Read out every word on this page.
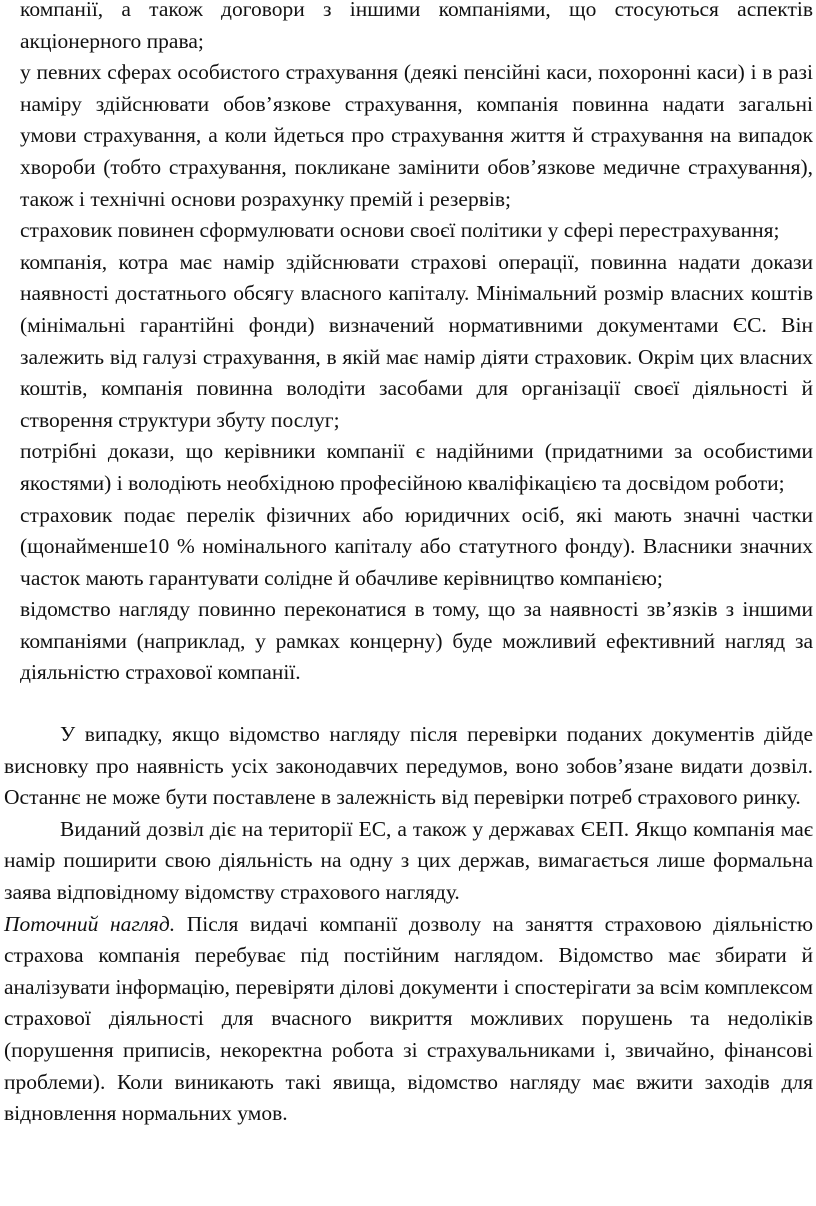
компанії, а також договори з іншими компаніями, що стосуються аспектів акціонерного права;

у певних сферах особистого страхування (деякі пенсійні каси, похоронні каси) і в разі наміру здійснювати обов’язкове страхування, компанія повинна надати загальні умови страхування, а коли йдеться про страхування життя й страхування на випадок хвороби (тобто страхування, покликане замінити обов’язкове медичне страхування), також і технічні основи розрахунку премій і резервів;

страховик повинен сформулювати основи своєї політики у сфері перестрахування;

компанія, котра має намір здійснювати страхові операції, повинна надати докази наявності достатнього обсягу власного капіталу. Мінімальний розмір власних коштів (мінімальні гарантійні фонди) визначений нормативними документами ЄС. Він залежить від галузі страхування, в якій має намір діяти страховик. Окрім цих власних коштів, компанія повинна володіти засобами для організації своєї діяльності й створення структури збуту послуг;

потрібні докази, що керівники компанії є надійними (придатними за особистими якостями) і володіють необхідною професійною кваліфікацією та досвідом роботи;

страховик подає перелік фізичних або юридичних осіб, які мають значні частки (щонайменше10 % номінального капіталу або статутного фонду). Власники значних часток мають гарантувати солідне й обачливе керівництво компанією;

відомство нагляду повинно переконатися в тому, що за наявності зв’язків з іншими компаніями (наприклад, у рамках концерну) буде можливий ефективний нагляд за діяльністю страхової компанії.

У випадку, якщо відомство нагляду після перевірки поданих документів дійде висновку про наявність усіх законодавчих передумов, воно зобов’язане видати дозвіл. Останнє не може бути поставлене в залежність від перевірки потреб страхового ринку.

Виданий дозвіл діє на території ЕС, а також у державах ЄЕП. Якщо компанія має намір поширити свою діяльність на одну з цих держав, вимагається лише формальна заява відповідному відомству страхового нагляду.

Поточний нагляд. Після видачі компанії дозволу на заняття страховою діяльністю страхова компанія перебуває під постійним наглядом. Відомство має збирати й аналізувати інформацію, перевіряти ділові документи і спостерігати за всім комплексом страхової діяльності для вчасного викриття можливих порушень та недоліків (порушення приписів, некоректна робота зі страхувальниками і, звичайно, фінансові проблеми). Коли виникають такі явища, відомство нагляду має вжити заходів для відновлення нормальних умов.
